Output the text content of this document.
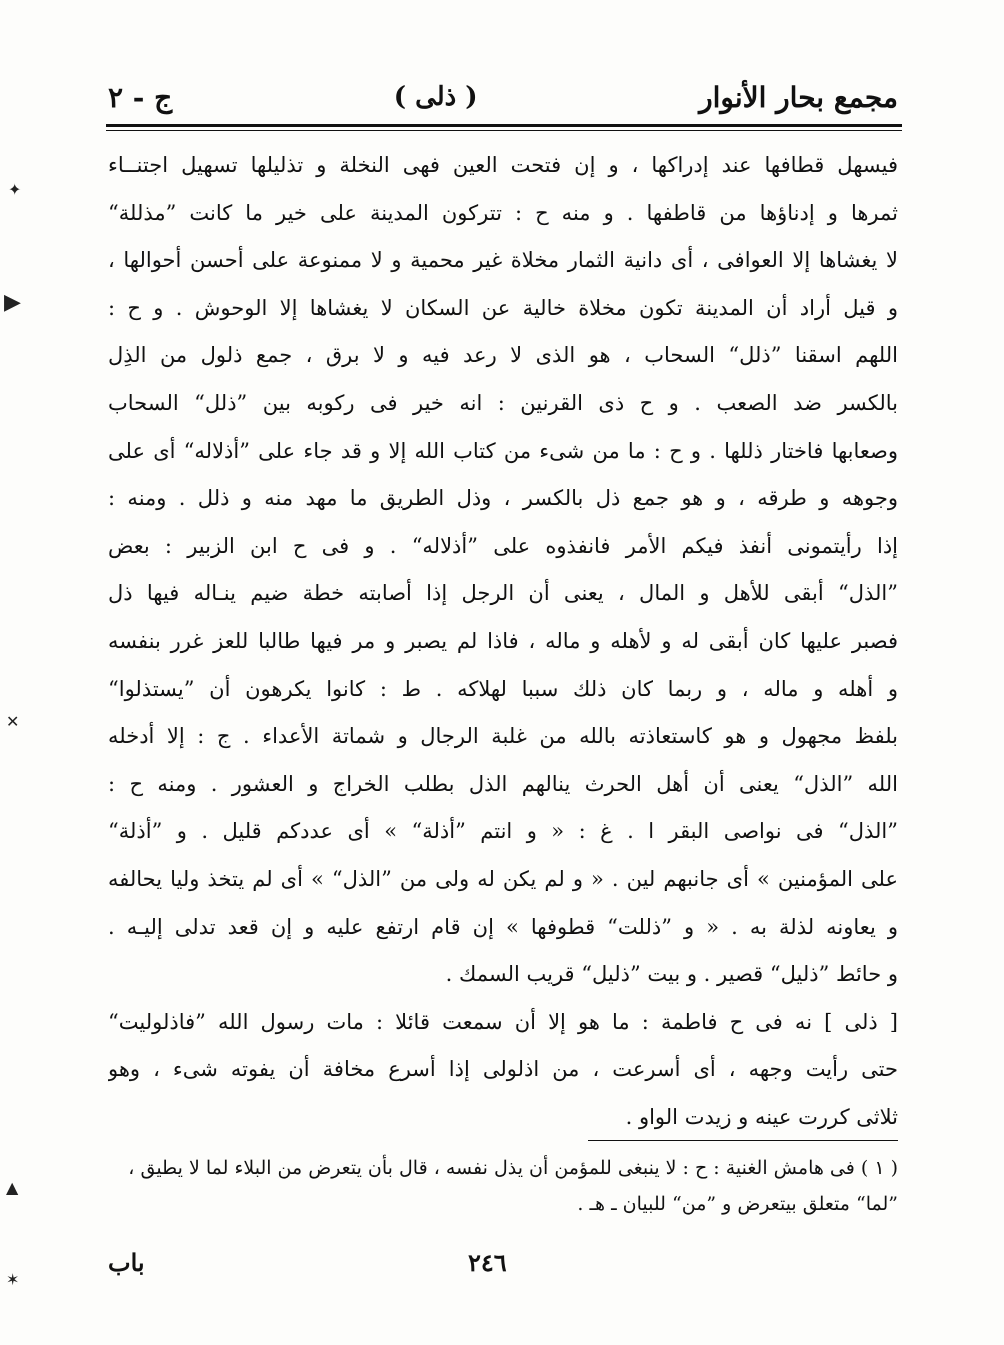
مجمع بحار الأنوار
( ذلى )
ج - ٢
فيسهل قطافها عند إدراكها ، و إن فتحت العين فهى النخلة و تذليلها تسهيل اجتنــاء
ثمرها و إدناؤها من قاطفها . و منه ح : تتركون المدينة على خير ما كانت ”مذللة“
لا يغشاها إلا العوافى ، أى دانية الثمار مخلاة غير محمية و لا ممنوعة على أحسن أحوالها ،
و قيل أراد أن المدينة تكون مخلاة خالية عن السكان لا يغشاها إلا الوحوش . و ح :
اللهم اسقنا ”ذلل“ السحاب ، هو الذى لا رعد فيه و لا برق ، جمع ذلول من الذِل
بالكسر ضد الصعب . و ح ذى القرنين : انه خير فى ركوبه بين ”ذلل“ السحاب
وصعابها فاختار ذللها . و ح : ما من شىء من كتاب الله إلا و قد جاء على ”أذلاله“ أى على
وجوهه و طرقه ، و هو جمع ذل بالكسر ، وذل الطريق ما مهد منه و ذلل . ومنه :
إذا رأيتمونى أنفذ فيكم الأمر فانفذوه على ”أذلاله“ . و فى ح ابن الزبير : بعض
”الذل“ أبقى للأهل و المال ، يعنى أن الرجل إذا أصابته خطة ضيم ينـاله فيها ذل
فصبر عليها كان أبقى له و لأهله و ماله ، فاذا لم يصبر و مر فيها طالبا للعز غرر بنفسه
و أهله و ماله ، و ربما كان ذلك سببا لهلاكه . ط : كانوا يكرهون أن ”يستذلوا“
بلفظ مجهول و هو كاستعاذته بالله من غلبة الرجال و شماتة الأعداء . ج : إلا أدخله
الله ”الذل“ يعنى أن أهل الحرث ينالهم الذل بطلب الخراج و العشور . ومنه ح :
”الذل“ فى نواصى البقر ا . غ : « و انتم ”أذلة“ » أى عددكم قليل . و ”أذلة“
على المؤمنين » أى جانبهم لين . « و لم يكن له ولى من ”الذل“ » أى لم يتخذ وليا يحالفه
و يعاونه لذلة به . « و ”ذللت“ قطوفها » إن قام ارتفع عليه و إن قعد تدلى إليـه .
و حائط ”ذليل“ قصير . و بيت ”ذليل“ قريب السمك .
[ ذلى ] نه فى ح فاطمة : ما هو إلا أن سمعت قائلا : مات رسول الله ”فاذلوليت“
حتى رأيت وجهه ، أى أسرعت ، من اذلولى إذا أسرع مخافة أن يفوته شىء ، وهو
ثلاثى كررت عينه و زيدت الواو .
( ١ ) فى هامش الغنية : ح : لا ينبغى للمؤمن أن يذل نفسه ، قال بأن يتعرض من البلاء لما لا يطيق ،
”لما“ متعلق بيتعرض و ”من“ للبيان ـ هـ .
٢٤٦
باب
✦
▶
✕
▲
✶
